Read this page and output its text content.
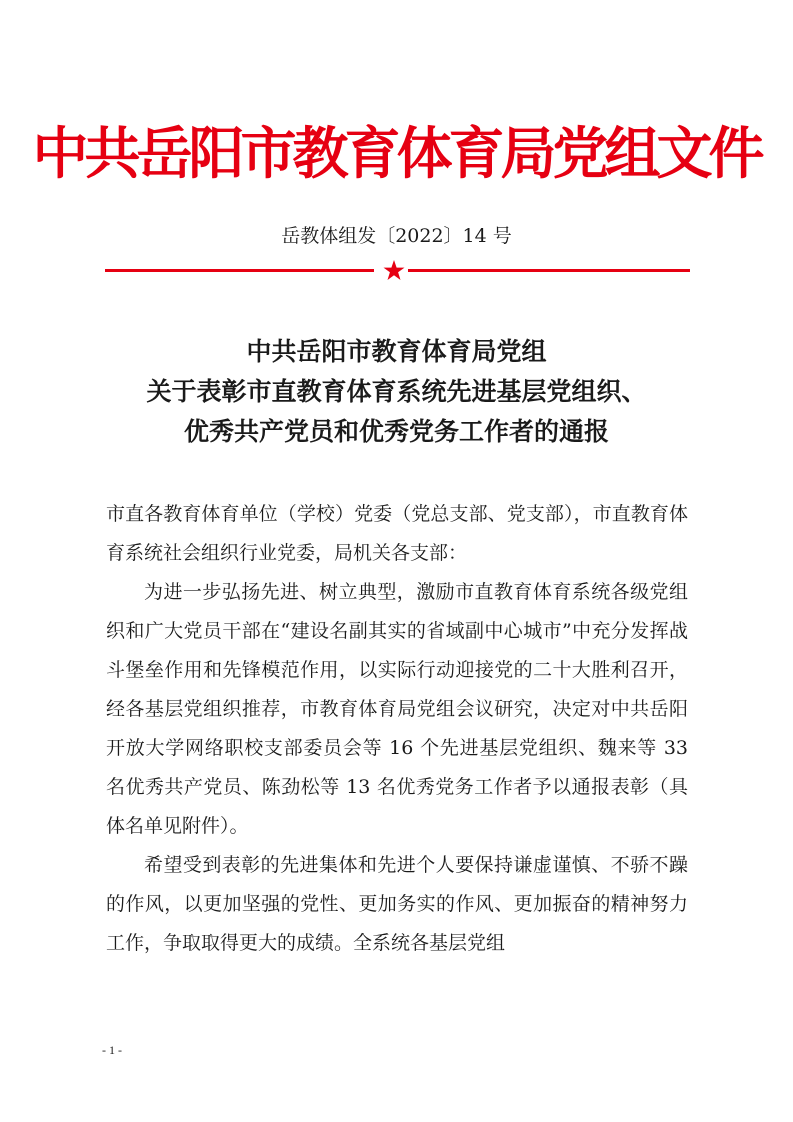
中共岳阳市教育体育局党组文件
岳教体组发〔2022〕14 号
中共岳阳市教育体育局党组
关于表彰市直教育体育系统先进基层党组织、
优秀共产党员和优秀党务工作者的通报

市直各教育体育单位（学校）党委（党总支部、党支部），市直教育体育系统社会组织行业党委，局机关各支部：

为进一步弘扬先进、树立典型，激励市直教育体育系统各级党组织和广大党员干部在“建设名副其实的省域副中心城市”中充分发挥战斗堡垒作用和先锋模范作用，以实际行动迎接党的二十大胜利召开，经各基层党组织推荐，市教育体育局党组会议研究，决定对中共岳阳开放大学网络职校支部委员会等 16 个先进基层党组织、魏来等 33 名优秀共产党员、陈劲松等 13 名优秀党务工作者予以通报表彰（具体名单见附件）。

希望受到表彰的先进集体和先进个人要保持谦虚谨慎、不骄不躁的作风，以更加坚强的党性、更加务实的作风、更加振奋的精神努力工作，争取取得更大的成绩。全系统各基层党组

- 1 -
